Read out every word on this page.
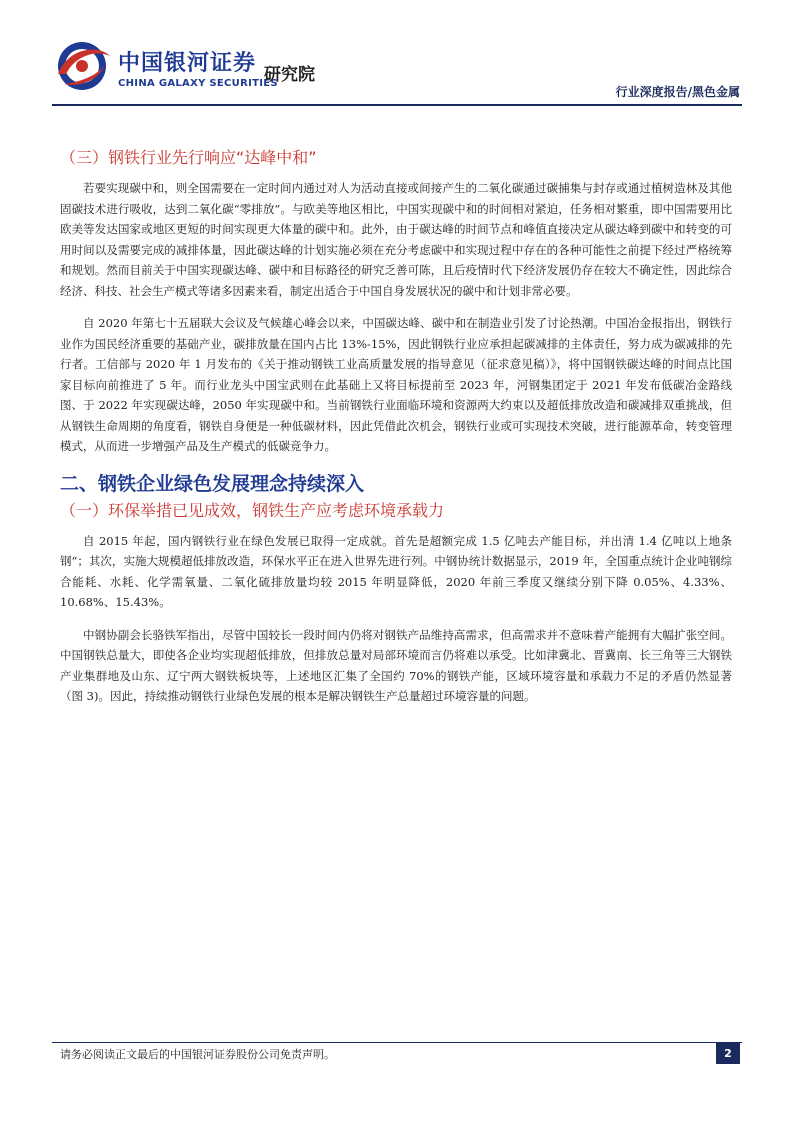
中国银河证券
CHINA GALAXY SECURITIES
研究院
行业深度报告/黑色金属
（三）钢铁行业先行响应“达峰中和”

若要实现碳中和，则全国需要在一定时间内通过对人为活动直接或间接产生的二氧化碳通过碳捕集与封存或通过植树造林及其他固碳技术进行吸收，达到二氧化碳“零排放“。与欧美等地区相比，中国实现碳中和的时间相对紧迫，任务相对繁重，即中国需要用比欧美等发达国家或地区更短的时间实现更大体量的碳中和。此外，由于碳达峰的时间节点和峰值直接决定从碳达峰到碳中和转变的可用时间以及需要完成的减排体量，因此碳达峰的计划实施必须在充分考虑碳中和实现过程中存在的各种可能性之前提下经过严格统筹和规划。然而目前关于中国实现碳达峰、碳中和目标路径的研究乏善可陈，且后疫情时代下经济发展仍存在较大不确定性，因此综合经济、科技、社会生产模式等诸多因素来看，制定出适合于中国自身发展状况的碳中和计划非常必要。

自 2020 年第七十五届联大会议及气候雄心峰会以来，中国碳达峰、碳中和在制造业引发了讨论热潮。中国冶金报指出，钢铁行业作为国民经济重要的基础产业，碳排放量在国内占比 13%-15%，因此钢铁行业应承担起碳减排的主体责任，努力成为碳减排的先行者。工信部与 2020 年 1 月发布的《关于推动钢铁工业高质量发展的指导意见（征求意见稿）》，将中国钢铁碳达峰的时间点比国家目标向前推进了 5 年。而行业龙头中国宝武则在此基础上又将目标提前至 2023 年，河钢集团定于 2021 年发布低碳冶金路线图、于 2022 年实现碳达峰，2050 年实现碳中和。当前钢铁行业面临环境和资源两大约束以及超低排放改造和碳减排双重挑战，但从钢铁生命周期的角度看，钢铁自身便是一种低碳材料，因此凭借此次机会，钢铁行业或可实现技术突破，进行能源革命，转变管理模式，从而进一步增强产品及生产模式的低碳竞争力。

二、钢铁企业绿色发展理念持续深入
（一）环保举措已见成效，钢铁生产应考虑环境承载力

自 2015 年起，国内钢铁行业在绿色发展已取得一定成就。首先是超额完成 1.5 亿吨去产能目标，并出清 1.4 亿吨以上地条钢”；其次，实施大规模超低排放改造，环保水平正在进入世界先进行列。中钢协统计数据显示，2019 年，全国重点统计企业吨钢综合能耗、水耗、化学需氧量、二氧化硫排放量均较 2015 年明显降低，2020 年前三季度又继续分别下降 0.05%、4.33%、10.68%、15.43%。

中钢协副会长骆铁军指出，尽管中国较长一段时间内仍将对钢铁产品维持高需求，但高需求并不意味着产能拥有大幅扩张空间。中国钢铁总量大，即使各企业均实现超低排放，但排放总量对局部环境而言仍将难以承受。比如津冀北、晋冀南、长三角等三大钢铁产业集群地及山东、辽宁两大钢铁板块等，上述地区汇集了全国约 70%的钢铁产能，区域环境容量和承载力不足的矛盾仍然显著（图 3)。因此，持续推动钢铁行业绿色发展的根本是解决钢铁生产总量超过环境容量的问题。

请务必阅读正文最后的中国银河证券股份公司免责声明。	2
